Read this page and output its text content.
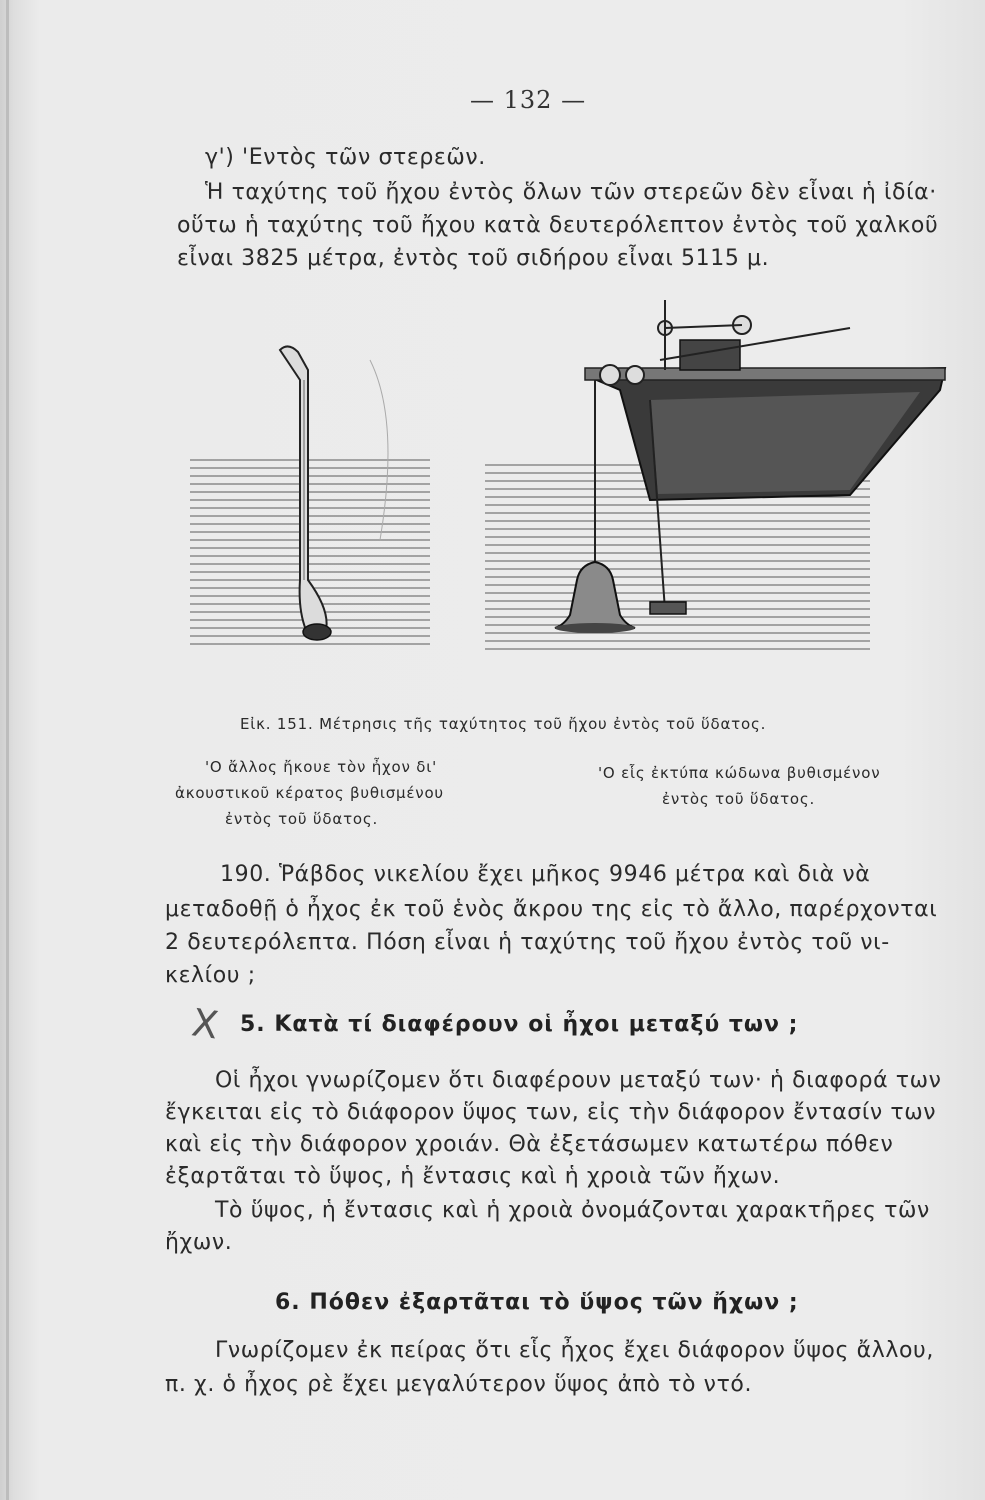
— 132 —
γ') 'Εντὸς τῶν στερεῶν.
Ἡ ταχύτης τοῦ ἤχου ἐντὸς ὅλων τῶν στερεῶν δὲν εἶναι ἡ ἰδία·
οὕτω ἡ ταχύτης τοῦ ἤχου κατὰ δευτερόλεπτον ἐντὸς τοῦ χαλκοῦ
εἶναι 3825 μέτρα, ἐντὸς τοῦ σιδήρου εἶναι 5115 μ.
Εἰκ. 151. Μέτρησις τῆς ταχύτητος τοῦ ἤχου ἐντὸς τοῦ ὕδατος.
'Ο ἄλλος ἤκουε τὸν ἦχον δι'
ἀκουστικοῦ κέρατος βυθισμένου
ἐντὸς τοῦ ὕδατος.
'Ο εἷς ἐκτύπα κώδωνα βυθισμένον
ἐντὸς τοῦ ὕδατος.
190. Ῥάβδος νικελίου ἔχει μῆκος 9946 μέτρα καὶ διὰ νὰ
μεταδοθῇ ὁ ἦχος ἐκ τοῦ ἑνὸς ἄκρου της εἰς τὸ ἄλλο, παρέρχονται
2 δευτερόλεπτα. Πόση εἶναι ἡ ταχύτης τοῦ ἤχου ἐντὸς τοῦ νι-
κελίου ;
X 5. Κατὰ τί διαφέρουν οἱ ἦχοι μεταξύ των ;
Οἱ ἦχοι γνωρίζομεν ὅτι διαφέρουν μεταξύ των· ἡ διαφορά των
ἔγκειται εἰς τὸ διάφορον ὕψος των, εἰς τὴν διάφορον ἔντασίν των
καὶ εἰς τὴν διάφορον χροιάν. Θὰ ἐξετάσωμεν κατωτέρω πόθεν
ἐξαρτᾶται τὸ ὕψος, ἡ ἔντασις καὶ ἡ χροιὰ τῶν ἤχων.
Τὸ ὕψος, ἡ ἔντασις καὶ ἡ χροιὰ ὀνομάζονται χαρακτῆρες τῶν
ἤχων.
6. Πόθεν ἐξαρτᾶται τὸ ὕψος τῶν ἤχων ;
Γνωρίζομεν ἐκ πείρας ὅτι εἷς ἦχος ἔχει διάφορον ὕψος ἄλλου,
π. χ. ὁ ἦχος ρὲ ἔχει μεγαλύτερον ὕψος ἀπὸ τὸ ντό.
